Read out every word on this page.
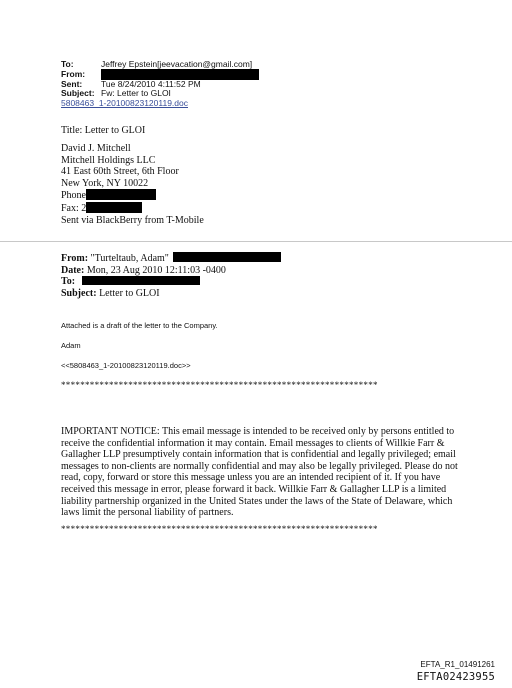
To:	Jeffrey Epstein[jeevacation@gmail.com]
From:
Sent:	Tue 8/24/2010 4:11:52 PM
Subject: Fw: Letter to GLOI
5808463_1-20100823120119.doc
Title: Letter to GLOI
David J. Mitchell
Mitchell Holdings LLC
41 East 60th Street, 6th Floor
New York, NY 10022
Phone
Fax: 2
Sent via BlackBerry from T-Mobile
From: "Turteltaub, Adam"
Date: Mon, 23 Aug 2010 12:11:03 -0400
To:
Subject: Letter to GLOI
Attached is a draft of the letter to the Company.
Adam
<<5808463_1-20100823120119.doc>>
******************************************************************
IMPORTANT NOTICE: This email message is intended to be received only by persons entitled to receive the confidential information it may contain. Email messages to clients of Willkie Farr & Gallagher LLP presumptively contain information that is confidential and legally privileged; email messages to non-clients are normally confidential and may also be legally privileged. Please do not read, copy, forward or store this message unless you are an intended recipient of it. If you have received this message in error, please forward it back. Willkie Farr & Gallagher LLP is a limited liability partnership organized in the United States under the laws of the State of Delaware, which laws limit the personal liability of partners.
******************************************************************
EFTA_R1_01491261
EFTA02423955
